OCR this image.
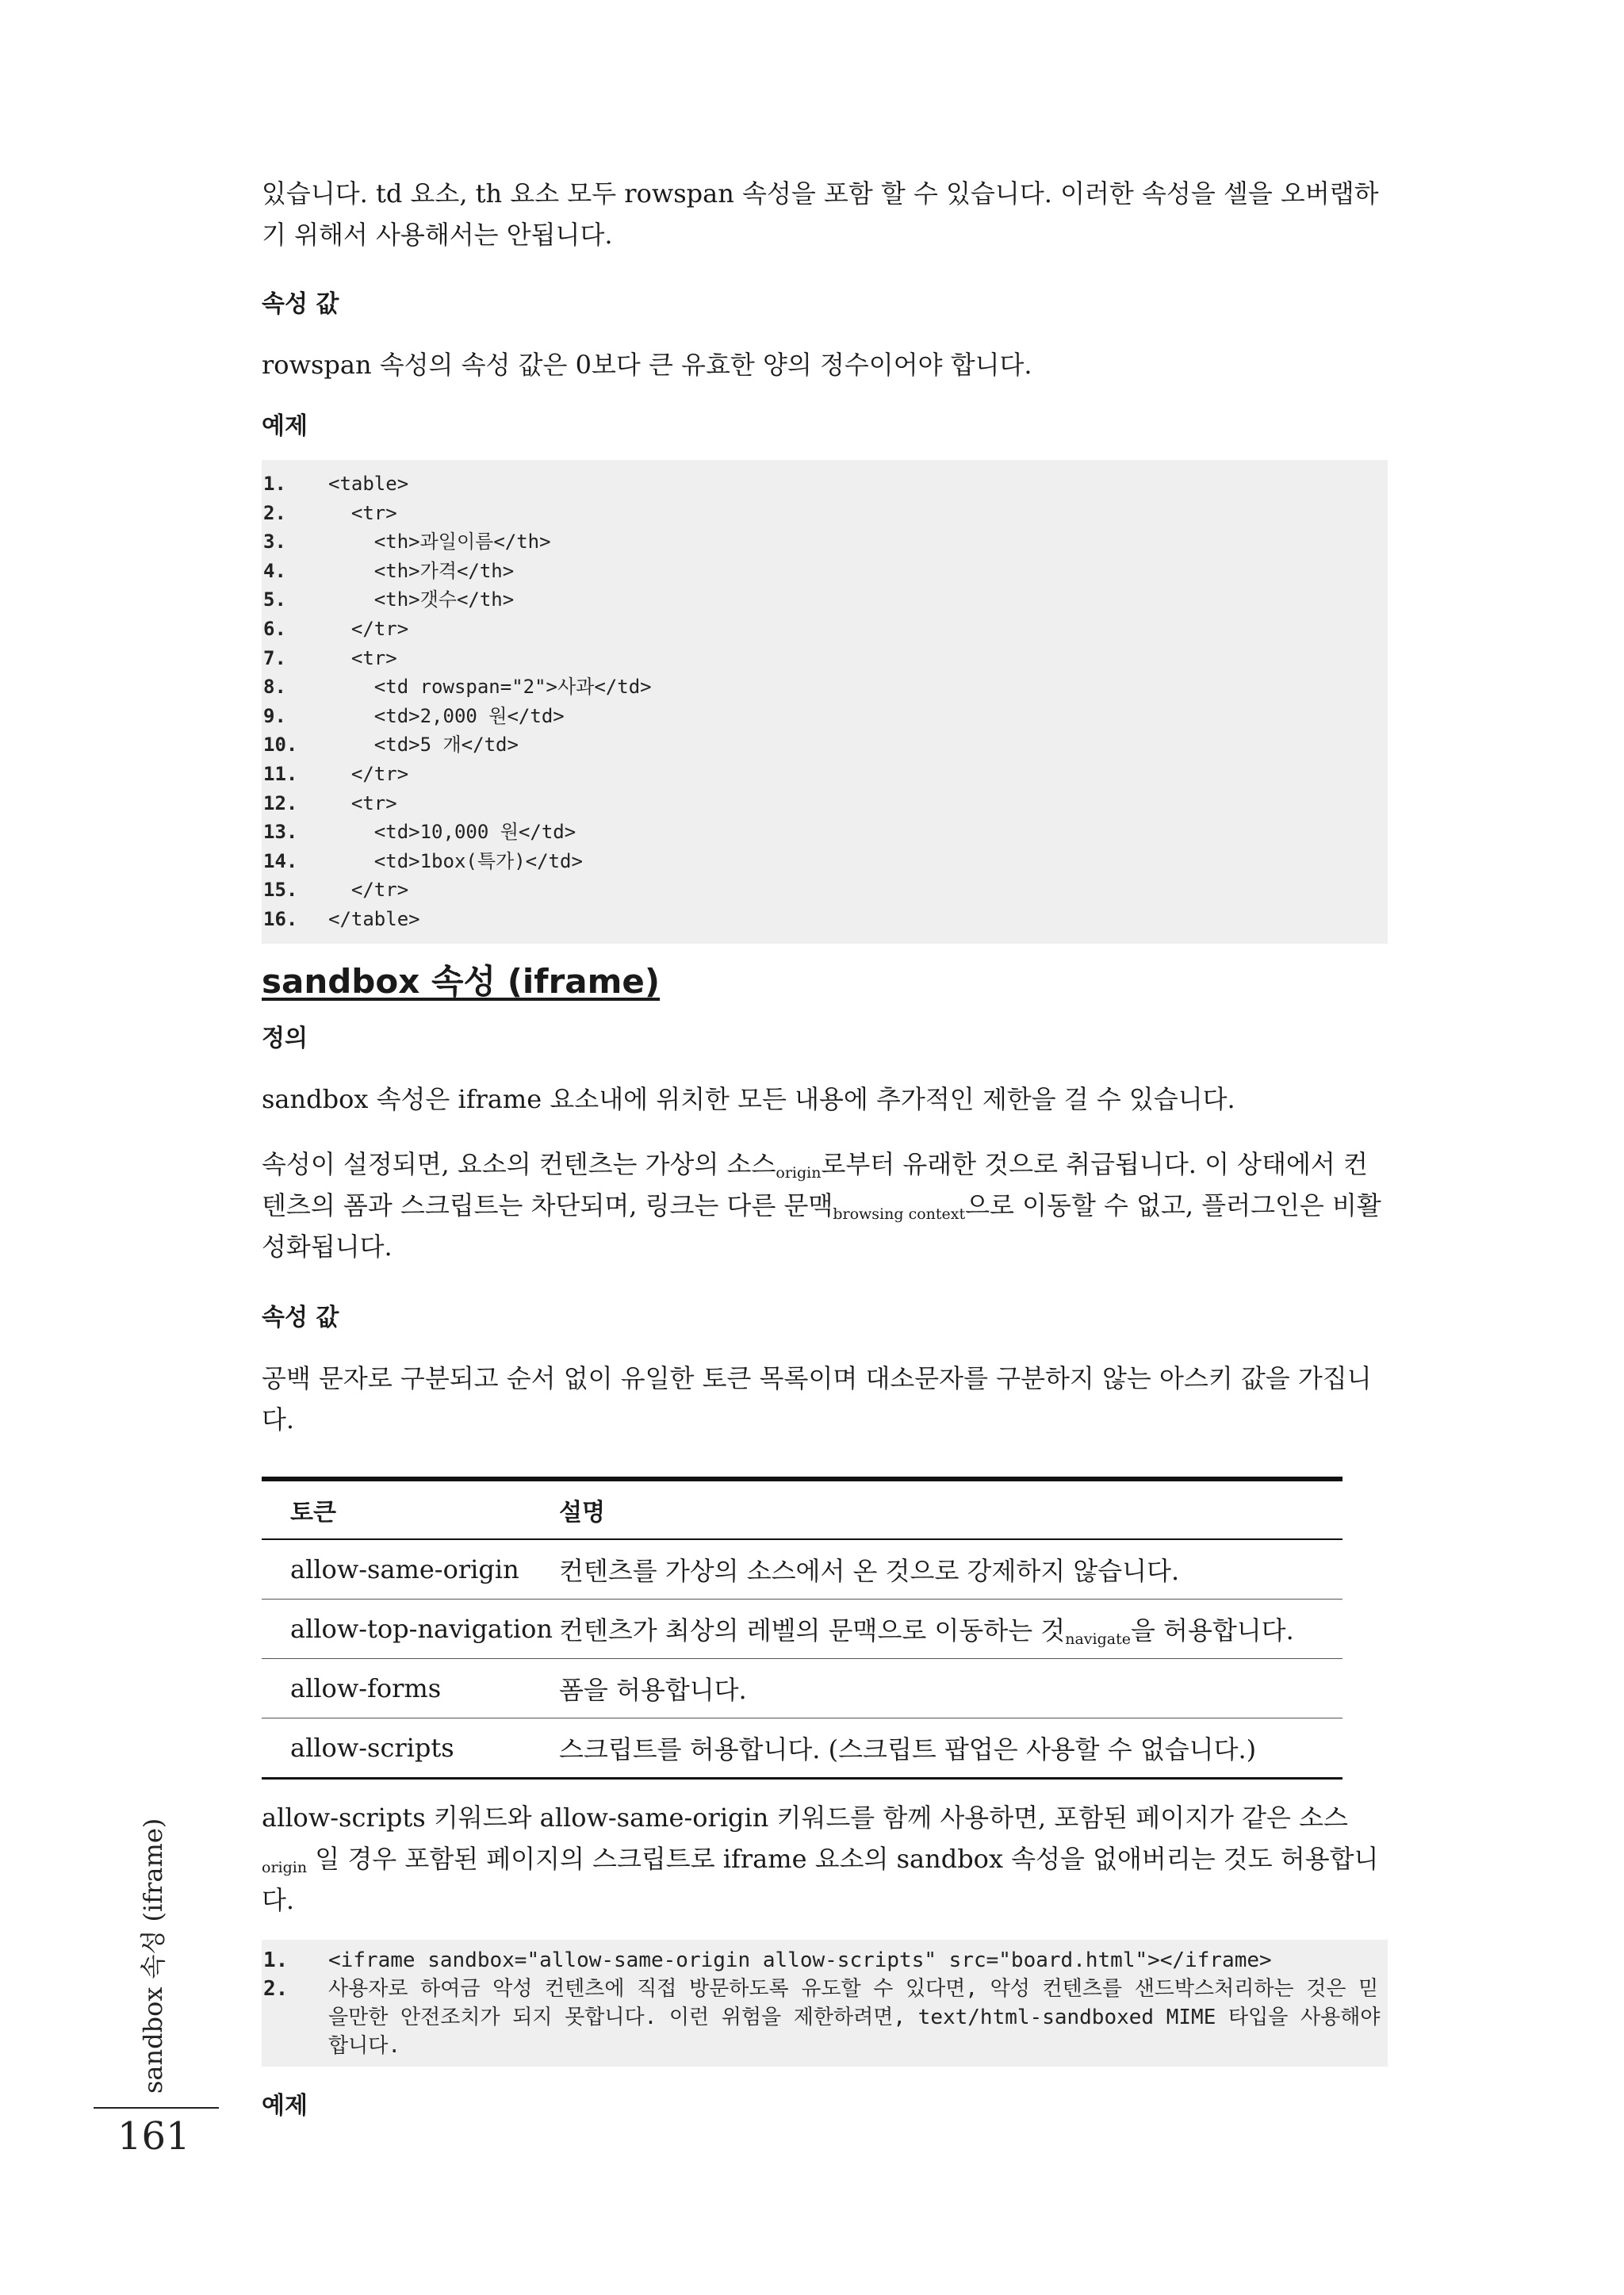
있습니다. td 요소, th 요소 모두 rowspan 속성을 포함 할 수 있습니다. 이러한 속성을 셀을 오버랩하기 위해서 사용해서는 안됩니다.

속성 값

rowspan 속성의 속성 값은 0보다 큰 유효한 양의 정수이어야 합니다.

예제
1.	<table>
2.	<tr>
3.	<th>과일이름</th>
4.	<th>가격</th>
5.	<th>갯수</th>
6.	</tr>
7.	<tr>
8.	<td rowspan="2">사과</td>
9.	<td>2,000 원</td>
10.	<td>5 개</td>
11.	</tr>
12.	<tr>
13.	<td>10,000 원</td>
14.	<td>1box(특가)</td>
15.	</tr>
16.	</table>
sandbox 속성 (iframe)
정의

sandbox 속성은 iframe 요소내에 위치한 모든 내용에 추가적인 제한을 걸 수 있습니다.

속성이 설정되면, 요소의 컨텐츠는 가상의 소스$_{origin}$로부터 유래한 것으로 취급됩니다. 이 상태에서 컨텐츠의 폼과 스크립트는 차단되며, 링크는 다른 문맥$_{browsing context}$으로 이동할 수 없고, 플러그인은 비활성화됩니다.

속성 값

공백 문자로 구분되고 순서 없이 유일한 토큰 목록이며 대소문자를 구분하지 않는 아스키 값을 가집니다.

토큰	설명
allow-same-origin	컨텐츠를 가상의 소스에서 온 것으로 강제하지 않습니다.
allow-top-navigation	컨텐츠가 최상의 레벨의 문맥으로 이동하는 것$_{navigate}$을 허용합니다.
allow-forms	폼을 허용합니다.
allow-scripts	스크립트를 허용합니다. (스크립트 팝업은 사용할 수 없습니다.)

allow-scripts 키워드와 allow-same-origin 키워드를 함께 사용하면, 포함된 페이지가 같은 소스$_{origin}$ 일 경우 포함된 페이지의 스크립트로 iframe 요소의 sandbox 속성을 없애버리는 것도 허용합니다.

1.	<iframe sandbox="allow-same-origin allow-scripts" src="board.html"></iframe>
2.	사용자로 하여금 악성 컨텐츠에 직접 방문하도록 유도할 수 있다면, 악성 컨텐츠를 샌드박스처리하는 것은 믿을만한 안전조치가 되지 못합니다. 이런 위험을 제한하려면, text/html-sandboxed MIME 타입을 사용해야 합니다.
예제
sandbox 속성 (iframe)
161
